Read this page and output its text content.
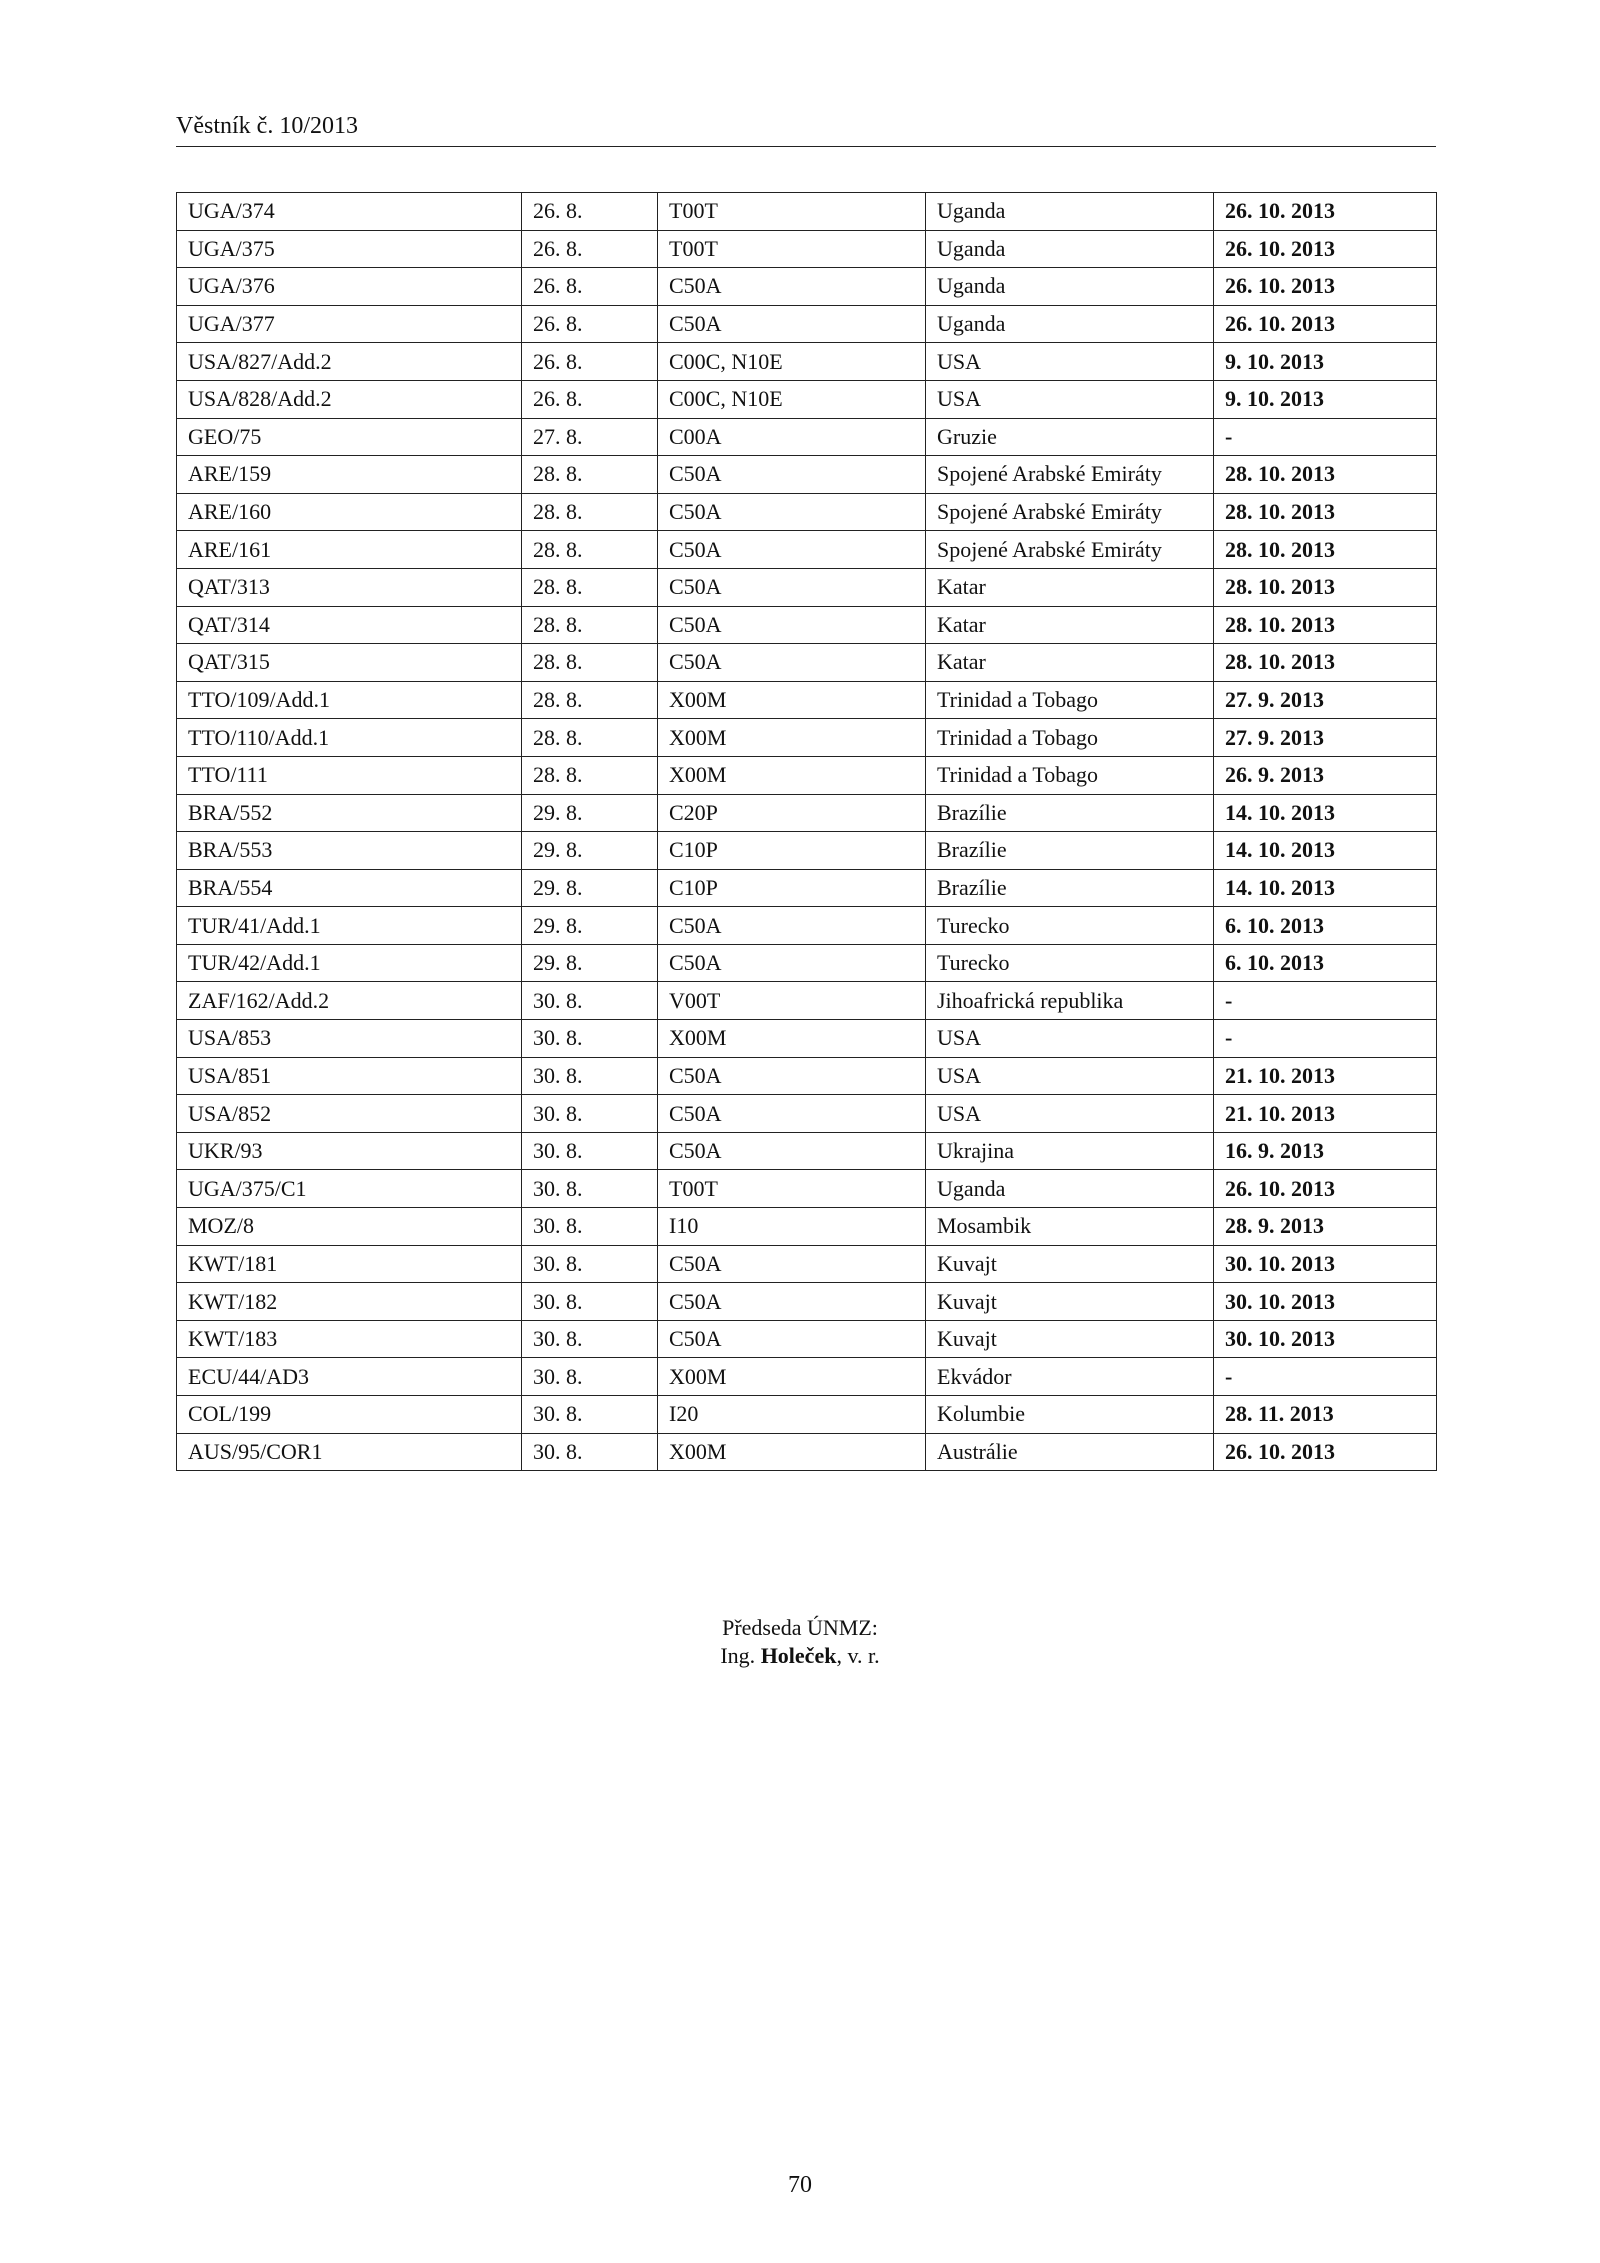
Věstník č. 10/2013
UGA/374	26. 8.	T00T	Uganda	26. 10. 2013
UGA/375	26. 8.	T00T	Uganda	26. 10. 2013
UGA/376	26. 8.	C50A	Uganda	26. 10. 2013
UGA/377	26. 8.	C50A	Uganda	26. 10. 2013
USA/827/Add.2	26. 8.	C00C, N10E	USA	9. 10. 2013
USA/828/Add.2	26. 8.	C00C, N10E	USA	9. 10. 2013
GEO/75	27. 8.	C00A	Gruzie	-
ARE/159	28. 8.	C50A	Spojené Arabské Emiráty	28. 10. 2013
ARE/160	28. 8.	C50A	Spojené Arabské Emiráty	28. 10. 2013
ARE/161	28. 8.	C50A	Spojené Arabské Emiráty	28. 10. 2013
QAT/313	28. 8.	C50A	Katar	28. 10. 2013
QAT/314	28. 8.	C50A	Katar	28. 10. 2013
QAT/315	28. 8.	C50A	Katar	28. 10. 2013
TTO/109/Add.1	28. 8.	X00M	Trinidad a Tobago	27. 9. 2013
TTO/110/Add.1	28. 8.	X00M	Trinidad a Tobago	27. 9. 2013
TTO/111	28. 8.	X00M	Trinidad a Tobago	26. 9. 2013
BRA/552	29. 8.	C20P	Brazílie	14. 10. 2013
BRA/553	29. 8.	C10P	Brazílie	14. 10. 2013
BRA/554	29. 8.	C10P	Brazílie	14. 10. 2013
TUR/41/Add.1	29. 8.	C50A	Turecko	6. 10. 2013
TUR/42/Add.1	29. 8.	C50A	Turecko	6. 10. 2013
ZAF/162/Add.2	30. 8.	V00T	Jihoafrická republika	-
USA/853	30. 8.	X00M	USA	-
USA/851	30. 8.	C50A	USA	21. 10. 2013
USA/852	30. 8.	C50A	USA	21. 10. 2013
UKR/93	30. 8.	C50A	Ukrajina	16. 9. 2013
UGA/375/C1	30. 8.	T00T	Uganda	26. 10. 2013
MOZ/8	30. 8.	I10	Mosambik	28. 9. 2013
KWT/181	30. 8.	C50A	Kuvajt	30. 10. 2013
KWT/182	30. 8.	C50A	Kuvajt	30. 10. 2013
KWT/183	30. 8.	C50A	Kuvajt	30. 10. 2013
ECU/44/AD3	30. 8.	X00M	Ekvádor	-
COL/199	30. 8.	I20	Kolumbie	28. 11. 2013
AUS/95/COR1	30. 8.	X00M	Austrálie	26. 10. 2013
Předseda ÚNMZ:
Ing. Holeček, v. r.
70
